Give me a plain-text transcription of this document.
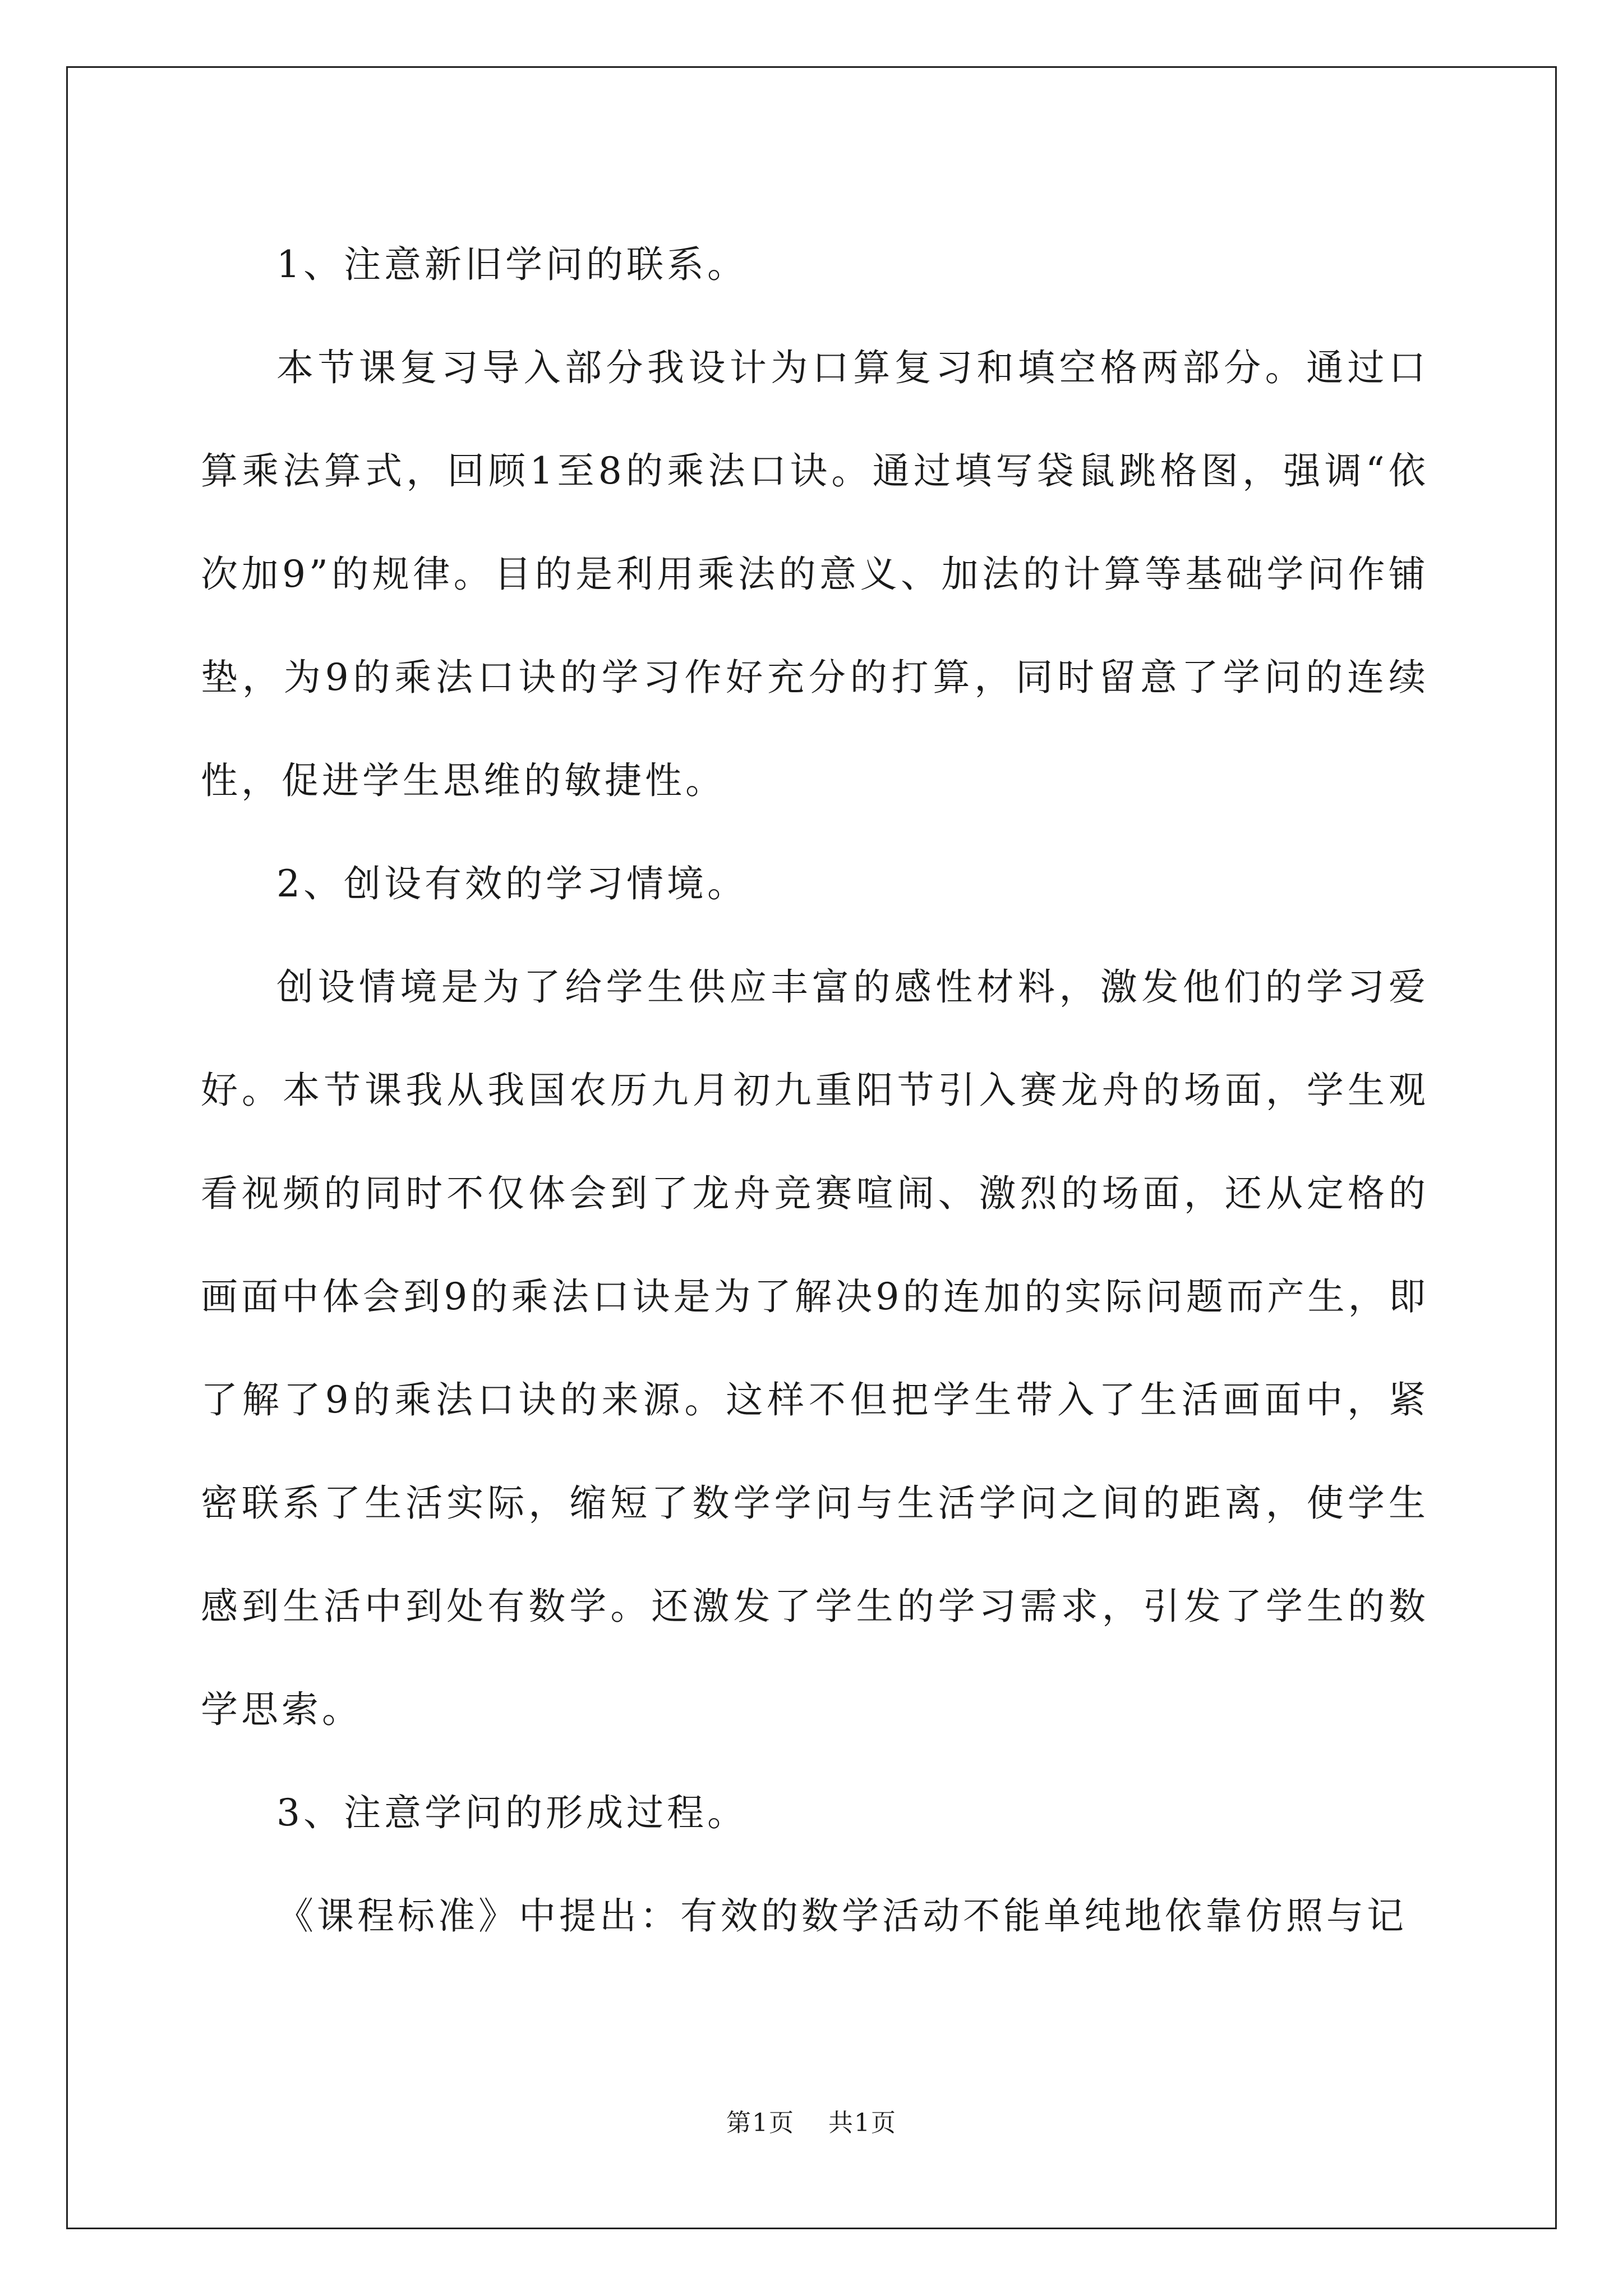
1、注意新旧学问的联系。

本节课复习导入部分我设计为口算复习和填空格两部分。通过口算乘法算式，回顾1至8的乘法口诀。通过填写袋鼠跳格图，强调“依次加9”的规律。目的是利用乘法的意义、加法的计算等基础学问作铺垫，为9的乘法口诀的学习作好充分的打算，同时留意了学问的连续性，促进学生思维的敏捷性。

2、创设有效的学习情境。

创设情境是为了给学生供应丰富的感性材料，激发他们的学习爱好。本节课我从我国农历九月初九重阳节引入赛龙舟的场面，学生观看视频的同时不仅体会到了龙舟竞赛喧闹、激烈的场面，还从定格的画面中体会到9的乘法口诀是为了解决9的连加的实际问题而产生，即了解了9的乘法口诀的来源。这样不但把学生带入了生活画面中，紧密联系了生活实际，缩短了数学学问与生活学问之间的距离，使学生感到生活中到处有数学。还激发了学生的学习需求，引发了学生的数学思索。

3、注意学问的形成过程。

《课程标准》中提出：有效的数学活动不能单纯地依靠仿照与记

第1页 共1页
